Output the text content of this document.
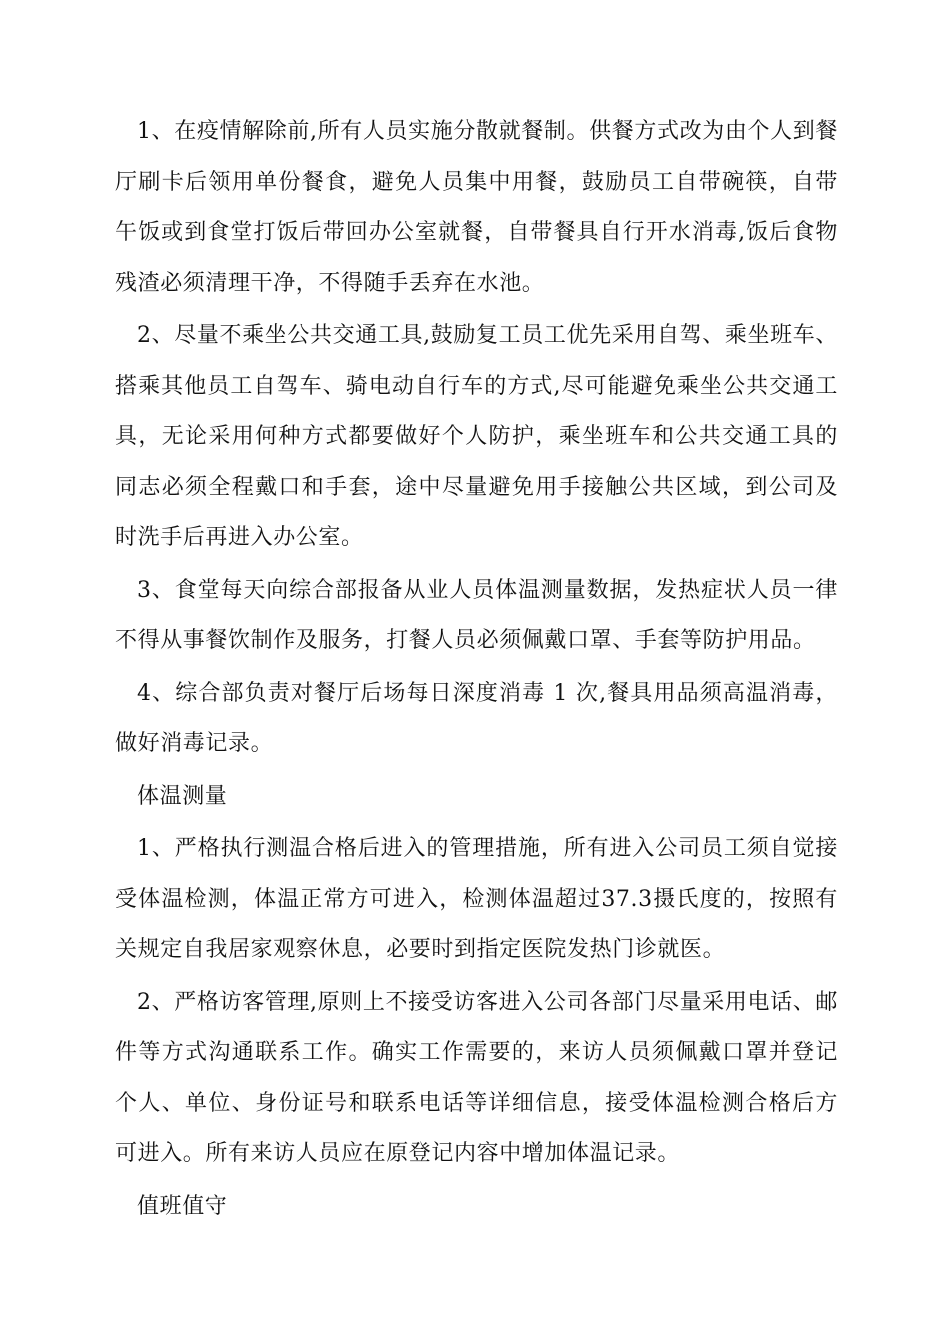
1、在疫情解除前,所有人员实施分散就餐制。供餐方式改为由个人到餐厅刷卡后领用单份餐食，避免人员集中用餐，鼓励员工自带碗筷，自带午饭或到食堂打饭后带回办公室就餐，自带餐具自行开水消毒,饭后食物残渣必须清理干净，不得随手丢弃在水池。

2、尽量不乘坐公共交通工具,鼓励复工员工优先采用自驾、乘坐班车、搭乘其他员工自驾车、骑电动自行车的方式,尽可能避免乘坐公共交通工具，无论采用何种方式都要做好个人防护，乘坐班车和公共交通工具的同志必须全程戴口和手套，途中尽量避免用手接触公共区域，到公司及时洗手后再进入办公室。

3、食堂每天向综合部报备从业人员体温测量数据，发热症状人员一律不得从事餐饮制作及服务，打餐人员必须佩戴口罩、手套等防护用品。

4、综合部负责对餐厅后场每日深度消毒 1 次,餐具用品须高温消毒，做好消毒记录。

体温测量

1、严格执行测温合格后进入的管理措施，所有进入公司员工须自觉接受体温检测，体温正常方可进入，检测体温超过37.3摄氏度的，按照有关规定自我居家观察休息，必要时到指定医院发热门诊就医。

2、严格访客管理,原则上不接受访客进入公司各部门尽量采用电话、邮件等方式沟通联系工作。确实工作需要的，来访人员须佩戴口罩并登记个人、单位、身份证号和联系电话等详细信息，接受体温检测合格后方可进入。所有来访人员应在原登记内容中增加体温记录。

值班值守
